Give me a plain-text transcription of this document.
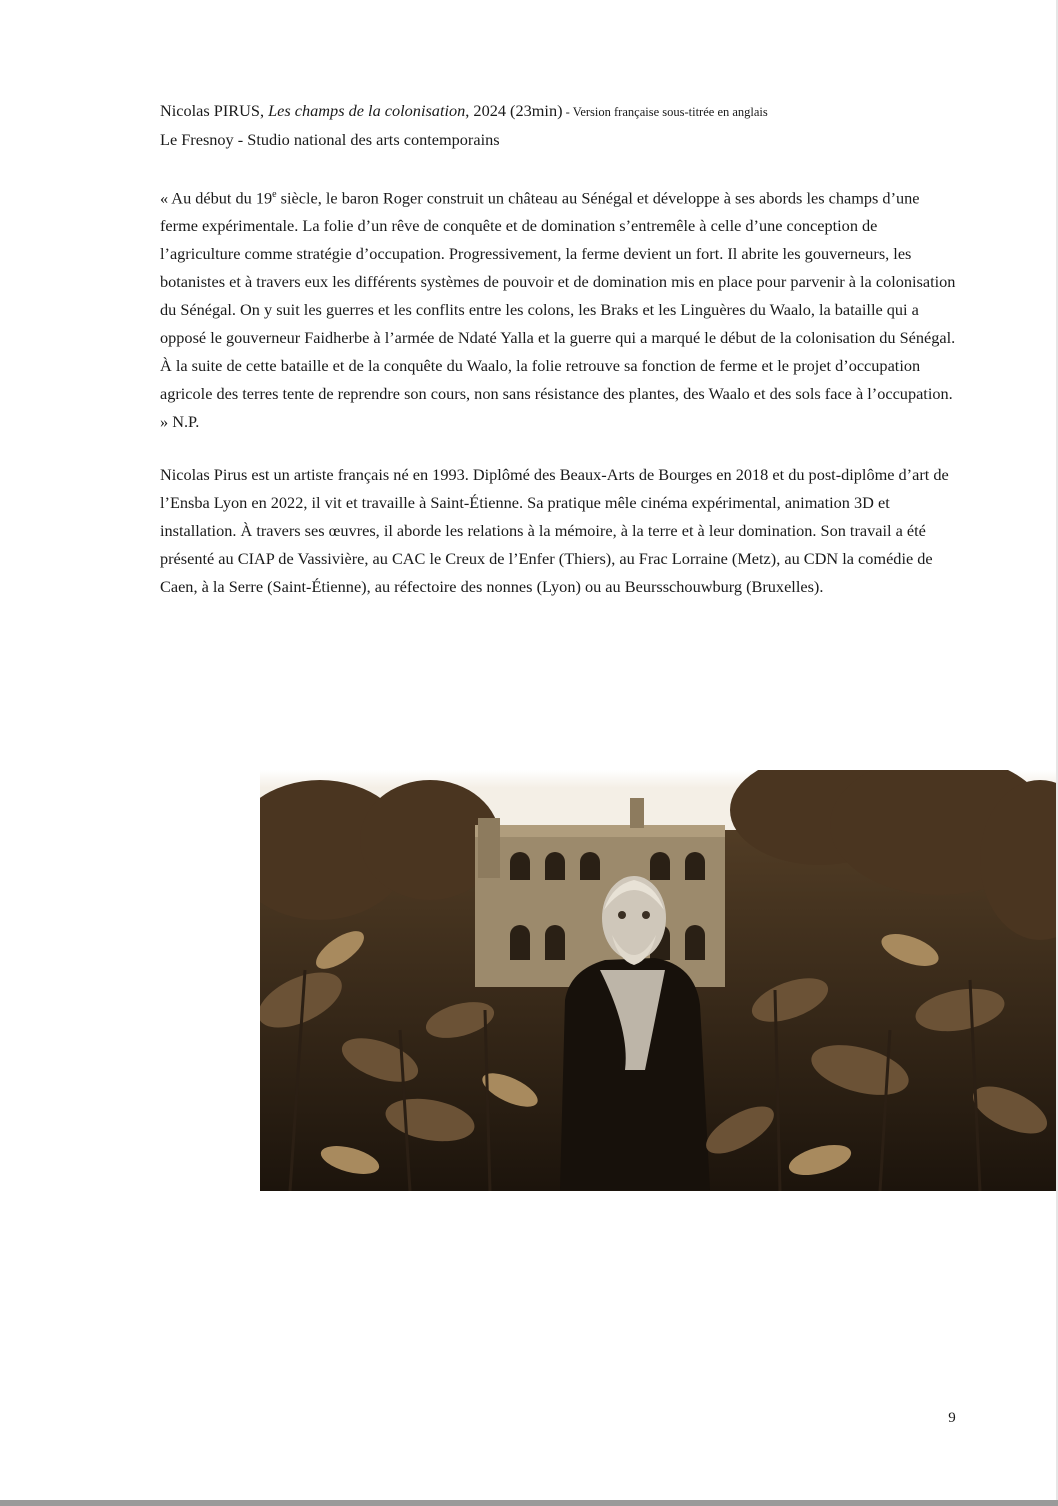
Nicolas PIRUS, Les champs de la colonisation, 2024 (23min) - Version française sous-titrée en anglais

Le Fresnoy - Studio national des arts contemporains

« Au début du 19e siècle, le baron Roger construit un château au Sénégal et développe à ses abords les champs d’une ferme expérimentale. La folie d’un rêve de conquête et de domination s’entremêle à celle d’une conception de l’agriculture comme stratégie d’occupation. Progressivement, la ferme devient un fort. Il abrite les gouverneurs, les botanistes et à travers eux les différents systèmes de pouvoir et de domination mis en place pour parvenir à la colonisation du Sénégal. On y suit les guerres et les conflits entre les colons, les Braks et les Linguères du Waalo, la bataille qui a opposé le gouverneur Faidherbe à l’armée de Ndaté Yalla et la guerre qui a marqué le début de la colonisation du Sénégal. À la suite de cette bataille et de la conquête du Waalo, la folie retrouve sa fonction de ferme et le projet d’occupation agricole des terres tente de reprendre son cours, non sans résistance des plantes, des Waalo et des sols face à l’occupation. » N.P.

Nicolas Pirus est un artiste français né en 1993. Diplômé des Beaux-Arts de Bourges en 2018 et du post-diplôme d’art de l’Ensba Lyon en 2022, il vit et travaille à Saint-Étienne. Sa pratique mêle cinéma expérimental, animation 3D et installation. À travers ses œuvres, il aborde les relations à la mémoire, à la terre et à leur domination. Son travail a été présenté au CIAP de Vassivière, au CAC le Creux de l’Enfer (Thiers), au Frac Lorraine (Metz), au CDN la comédie de Caen, à la Serre (Saint-Étienne), au réfectoire des nonnes (Lyon) ou au Beursschouwburg (Bruxelles).

9
